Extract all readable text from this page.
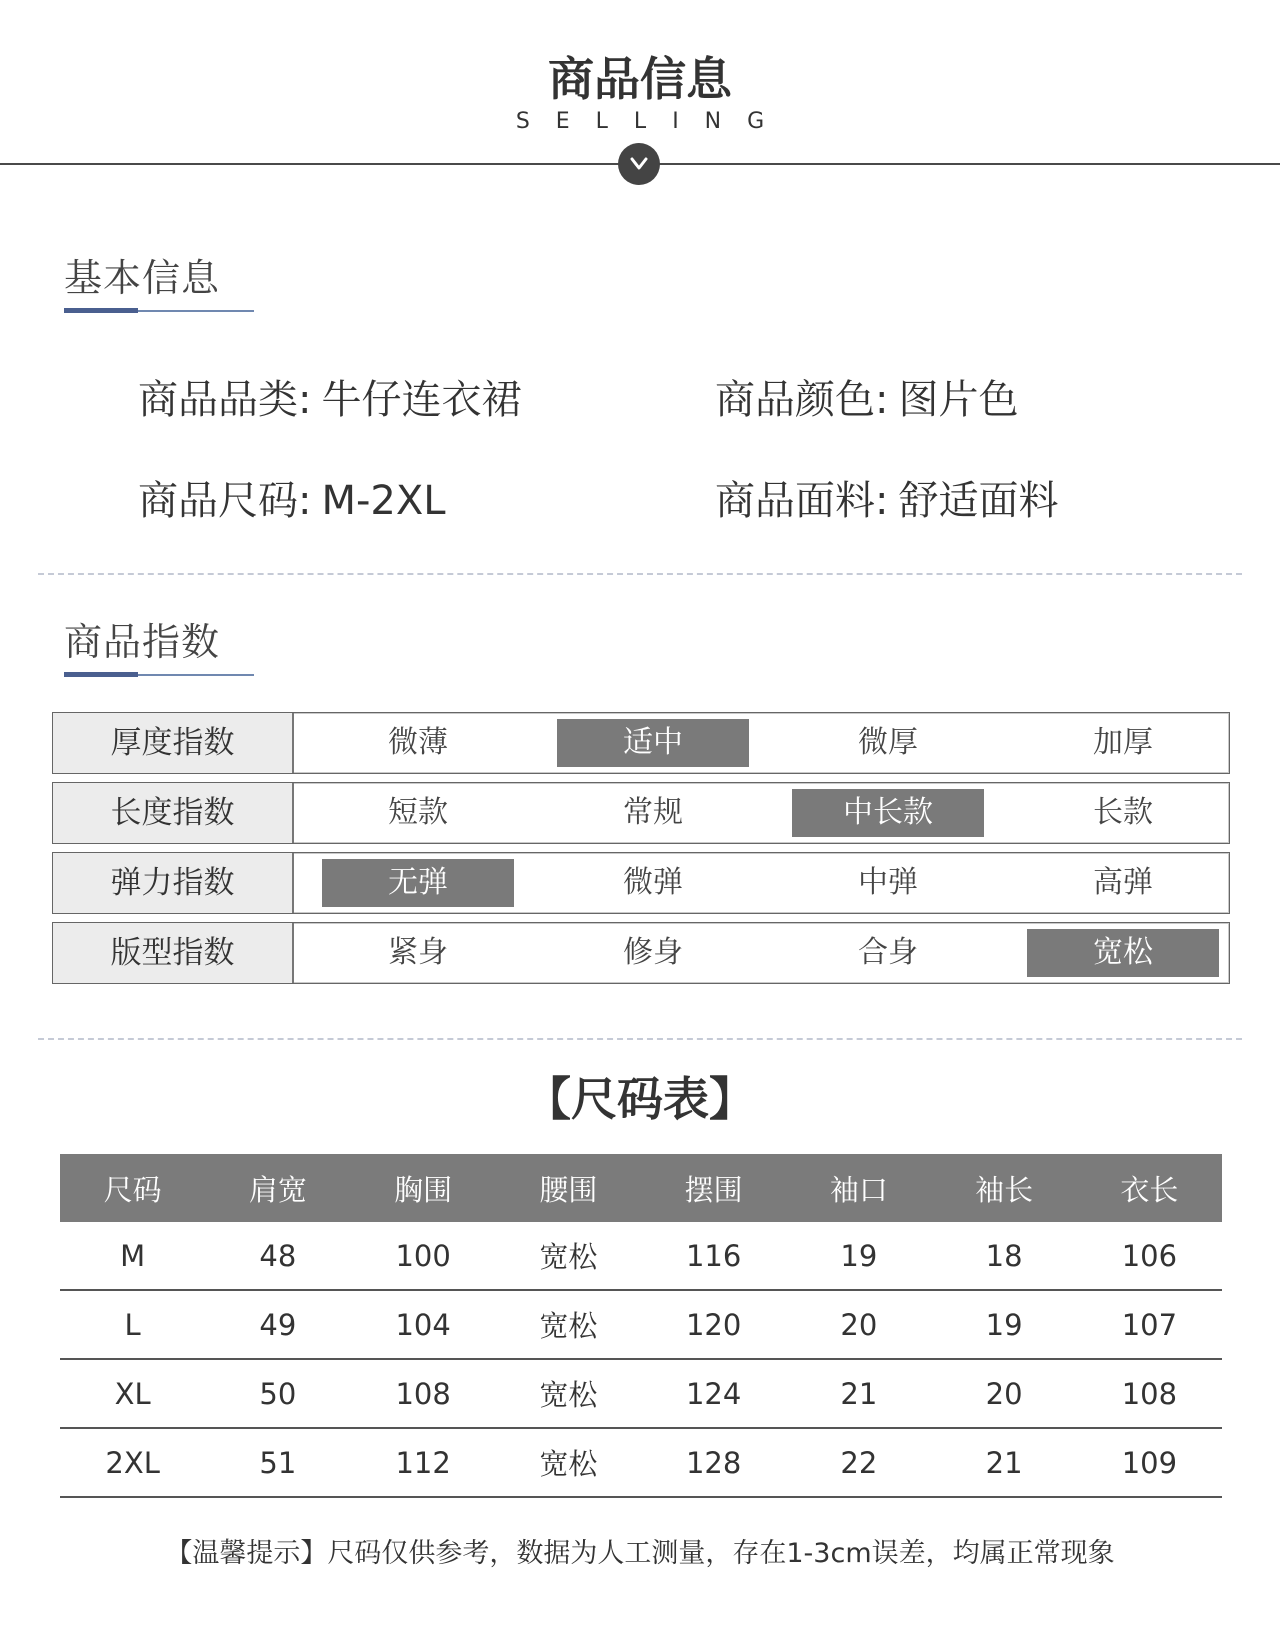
商品信息
SELLING
基本信息
商品品类: 牛仔连衣裙	商品颜色: 图片色
商品尺码: M-2XL	商品面料: 舒适面料
商品指数
厚度指数	微薄	适中	微厚	加厚
长度指数	短款	常规	中长款	长款
弹力指数	无弹	微弹	中弹	高弹
版型指数	紧身	修身	合身	宽松
【尺码表】
尺码	肩宽	胸围	腰围	摆围	袖口	袖长	衣长
M	48	100	宽松	116	19	18	106
L	49	104	宽松	120	20	19	107
XL	50	108	宽松	124	21	20	108
2XL	51	112	宽松	128	22	21	109
【温馨提示】尺码仅供参考，数据为人工测量，存在1-3cm误差，均属正常现象
